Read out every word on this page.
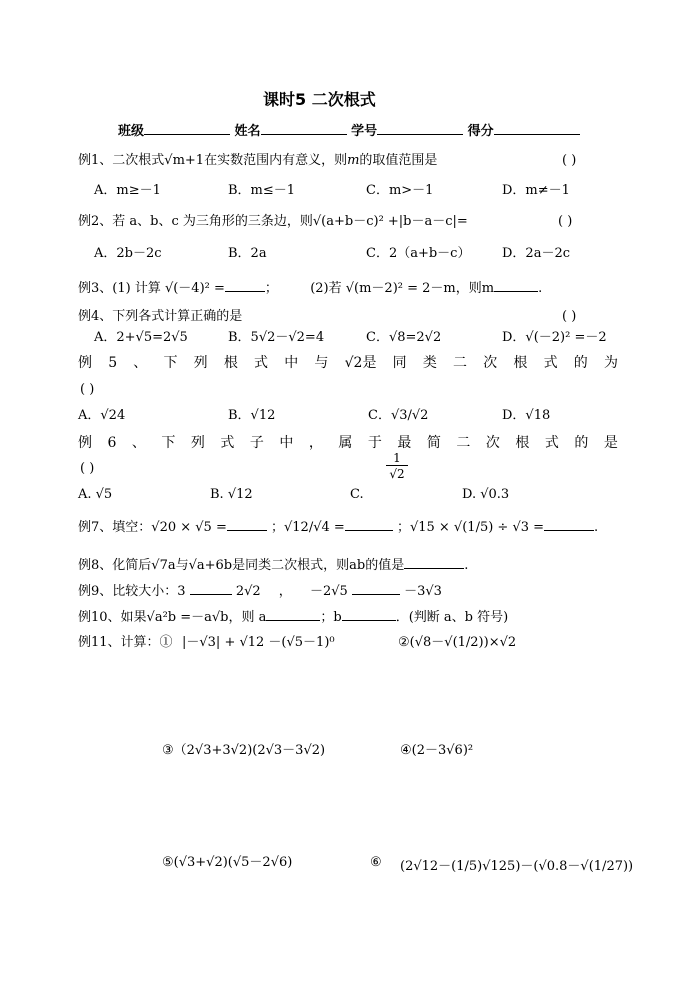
课时5 二次根式
班级	姓名	学号	得分
例1、二次根式√m+1在实数范围内有意义，则m的取值范围是	( )
A．m≥－1	B．m≤－1	C．m>－1	D．m≠－1
例2、若 a、b、c 为三角形的三条边，则√(a+b－c)² +|b－a－c|=	( )
A．2b－2c	B．2a	C．2（a+b－c） D．2a－2c
例3、(1) 计算 √(－4)² =	； (2)若 √(m－2)² = 2－m，则m	.
例4、下列各式计算正确的是	( )
A．2+√5=2√5	B．5√2－√2=4	C．√8=2√2	D．√(－2)² =－2
例 5 、 下 列 根 式 中 与 √2是 同 类 二 次 根 式 的 为
( )
A．√24	B．√12	C．√3/√2	D．√18
例 6 、 下 列 式 子 中 ， 属 于 最 简 二 次 根 式 的 是
( )	$\frac{1}{√2}$
A. √5	B. √12	C.	D. √0.3
例7、填空：√20 × √5 =	；√12/√4 =	；√15 × √(1/5) ÷ √3 =	.
例8、化简后√7a与√a+6b是同类二次根式，则ab的值是	.
例9、比较大小：3	2√2 ， －2√5	－3√3
例10、如果√a²b =－a√b，则 a	；b	．(判断 a、b 符号)
例11、计算：① |－√3| + √12 －(√5－1)⁰	②(√8－√(1/2))×√2
③（2√3+3√2)(2√3－3√2)	④(2－3√6)²
⑤(√3+√2)(√5－2√6)	⑥ (2√12－(1/5)√125)－(√0.8－√(1/27))
